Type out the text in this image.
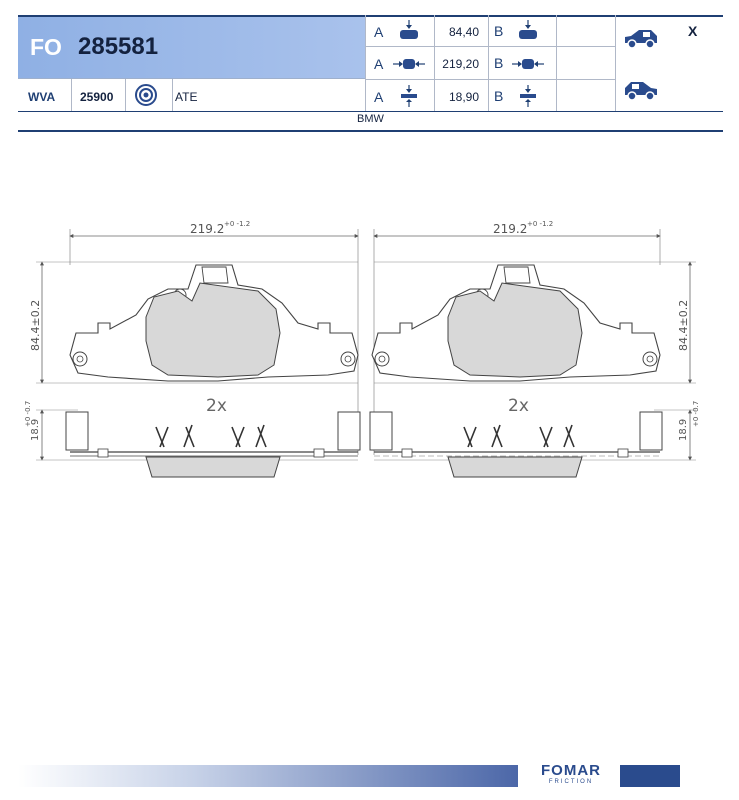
FO 285581
WVA 25900	ATE
A
A
A
84,40
219,20
18,90
B
B
B
X
BMW
219.2 +0 -1.2
84.4±0.2
2x
18.9
+0 -0.7
219.2 +0 -1.2
84.4±0.2
2x
18.9
+0 -0.7
FOMAR
FRICTION
